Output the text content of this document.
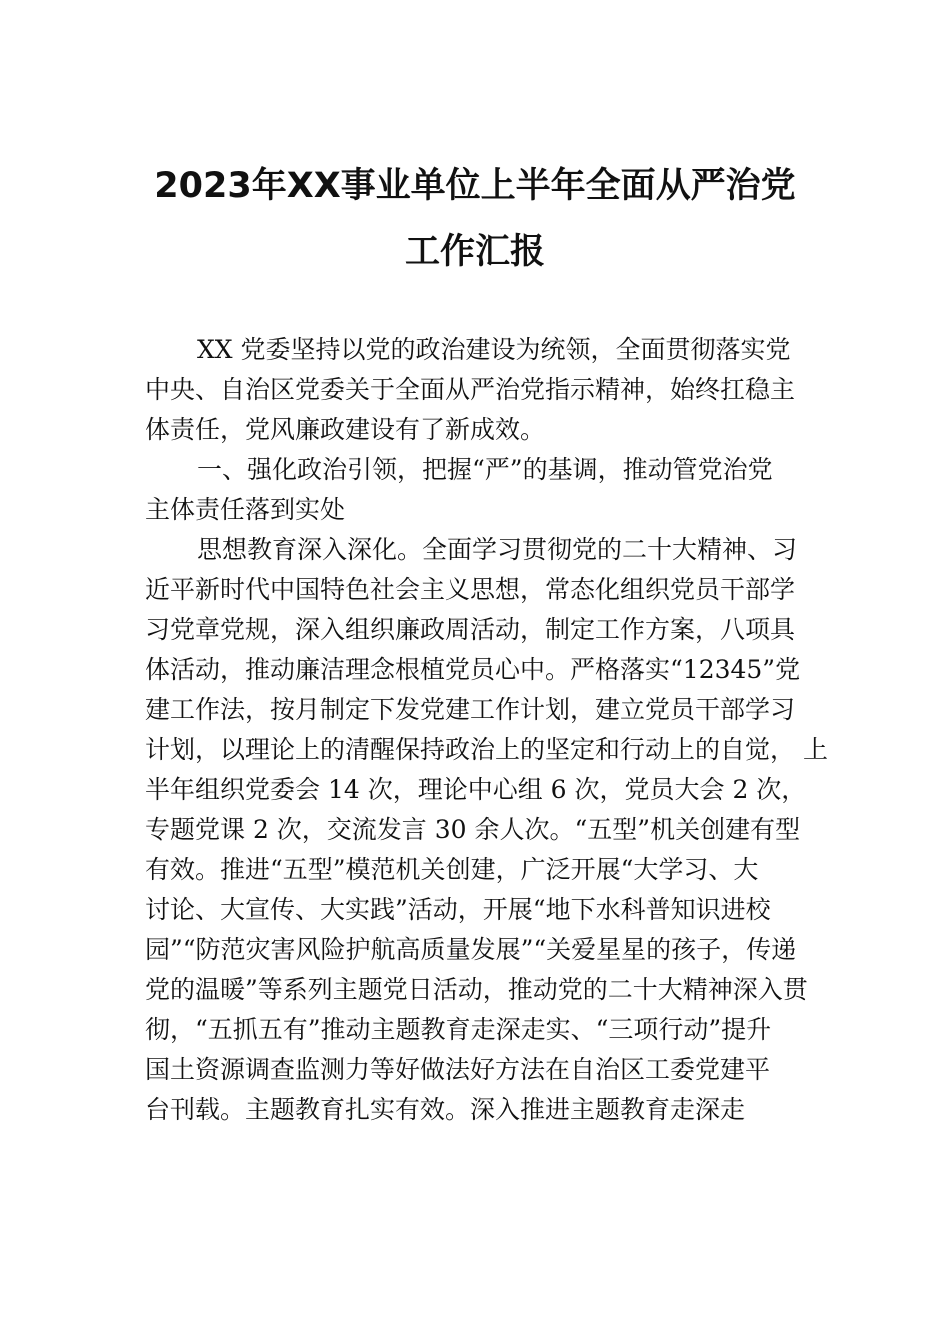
2023年XX事业单位上半年全面从严治党
工作汇报
XX 党委坚持以党的政治建设为统领，全面贯彻落实党
中央、自治区党委关于全面从严治党指示精神，始终扛稳主
体责任，党风廉政建设有了新成效。
一、强化政治引领，把握“严”的基调，推动管党治党
主体责任落到实处
思想教育深入深化。全面学习贯彻党的二十大精神、习
近平新时代中国特色社会主义思想，常态化组织党员干部学
习党章党规，深入组织廉政周活动，制定工作方案，八项具
体活动，推动廉洁理念根植党员心中。严格落实“12345”党
建工作法，按月制定下发党建工作计划，建立党员干部学习
计划，以理论上的清醒保持政治上的坚定和行动上的自觉， 上
半年组织党委会 14 次，理论中心组 6 次，党员大会 2 次，
专题党课 2 次，交流发言 30 余人次。“五型”机关创建有型
有效。推进“五型”模范机关创建，广泛开展“大学习、大
讨论、大宣传、大实践”活动，开展“地下水科普知识进校
园”“防范灾害风险护航高质量发展”“关爱星星的孩子，传递
党的温暖”等系列主题党日活动，推动党的二十大精神深入贯
彻，“五抓五有”推动主题教育走深走实、“三项行动”提升
国土资源调查监测力等好做法好方法在自治区工委党建平
台刊载。主题教育扎实有效。深入推进主题教育走深走
